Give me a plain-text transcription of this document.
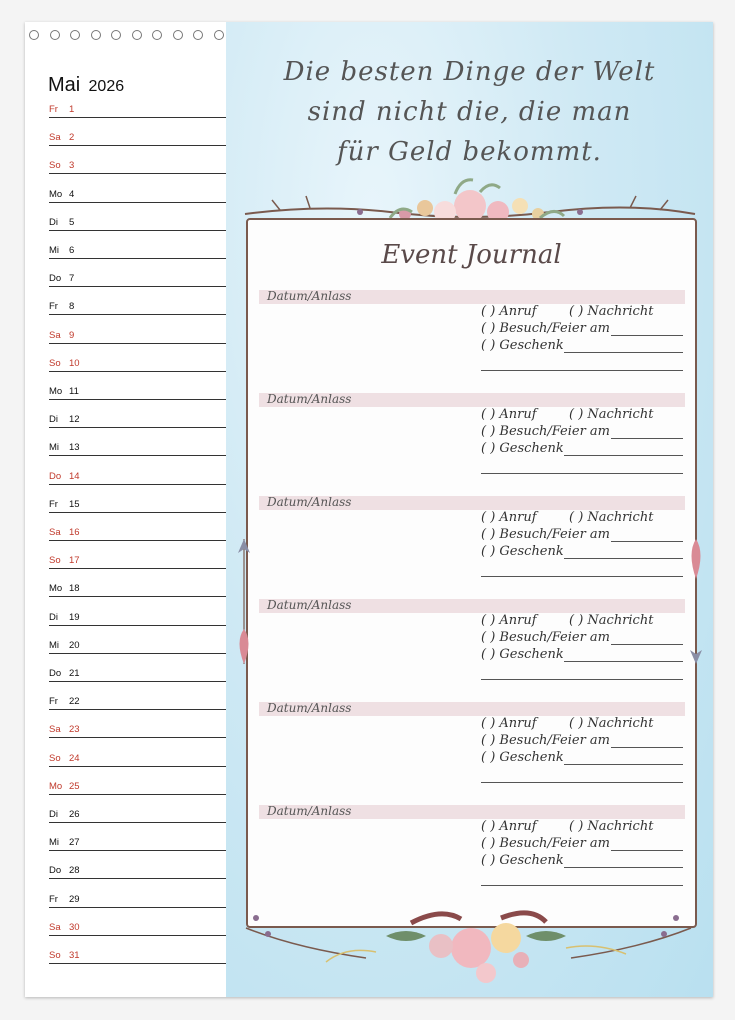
Mai 2026
Fr 1
Sa 2
So 3
Mo 4
Di 5
Mi 6
Do 7
Fr 8
Sa 9
So 10
Mo 11
Di 12
Mi 13
Do 14
Fr 15
Sa 16
So 17
Mo 18
Di 19
Mi 20
Do 21
Fr 22
Sa 23
So 24
Mo 25
Di 26
Mi 27
Do 28
Fr 29
Sa 30
So 31
Die besten Dinge der Welt
sind nicht die, die man
für Geld bekommt.
Event Journal
Datum/Anlass
( ) Anruf ( ) Nachricht
( ) Besuch/Feier am
( ) Geschenk
Datum/Anlass
( ) Anruf ( ) Nachricht
( ) Besuch/Feier am
( ) Geschenk
Datum/Anlass
( ) Anruf ( ) Nachricht
( ) Besuch/Feier am
( ) Geschenk
Datum/Anlass
( ) Anruf ( ) Nachricht
( ) Besuch/Feier am
( ) Geschenk
Datum/Anlass
( ) Anruf ( ) Nachricht
( ) Besuch/Feier am
( ) Geschenk
Datum/Anlass
( ) Anruf ( ) Nachricht
( ) Besuch/Feier am
( ) Geschenk
